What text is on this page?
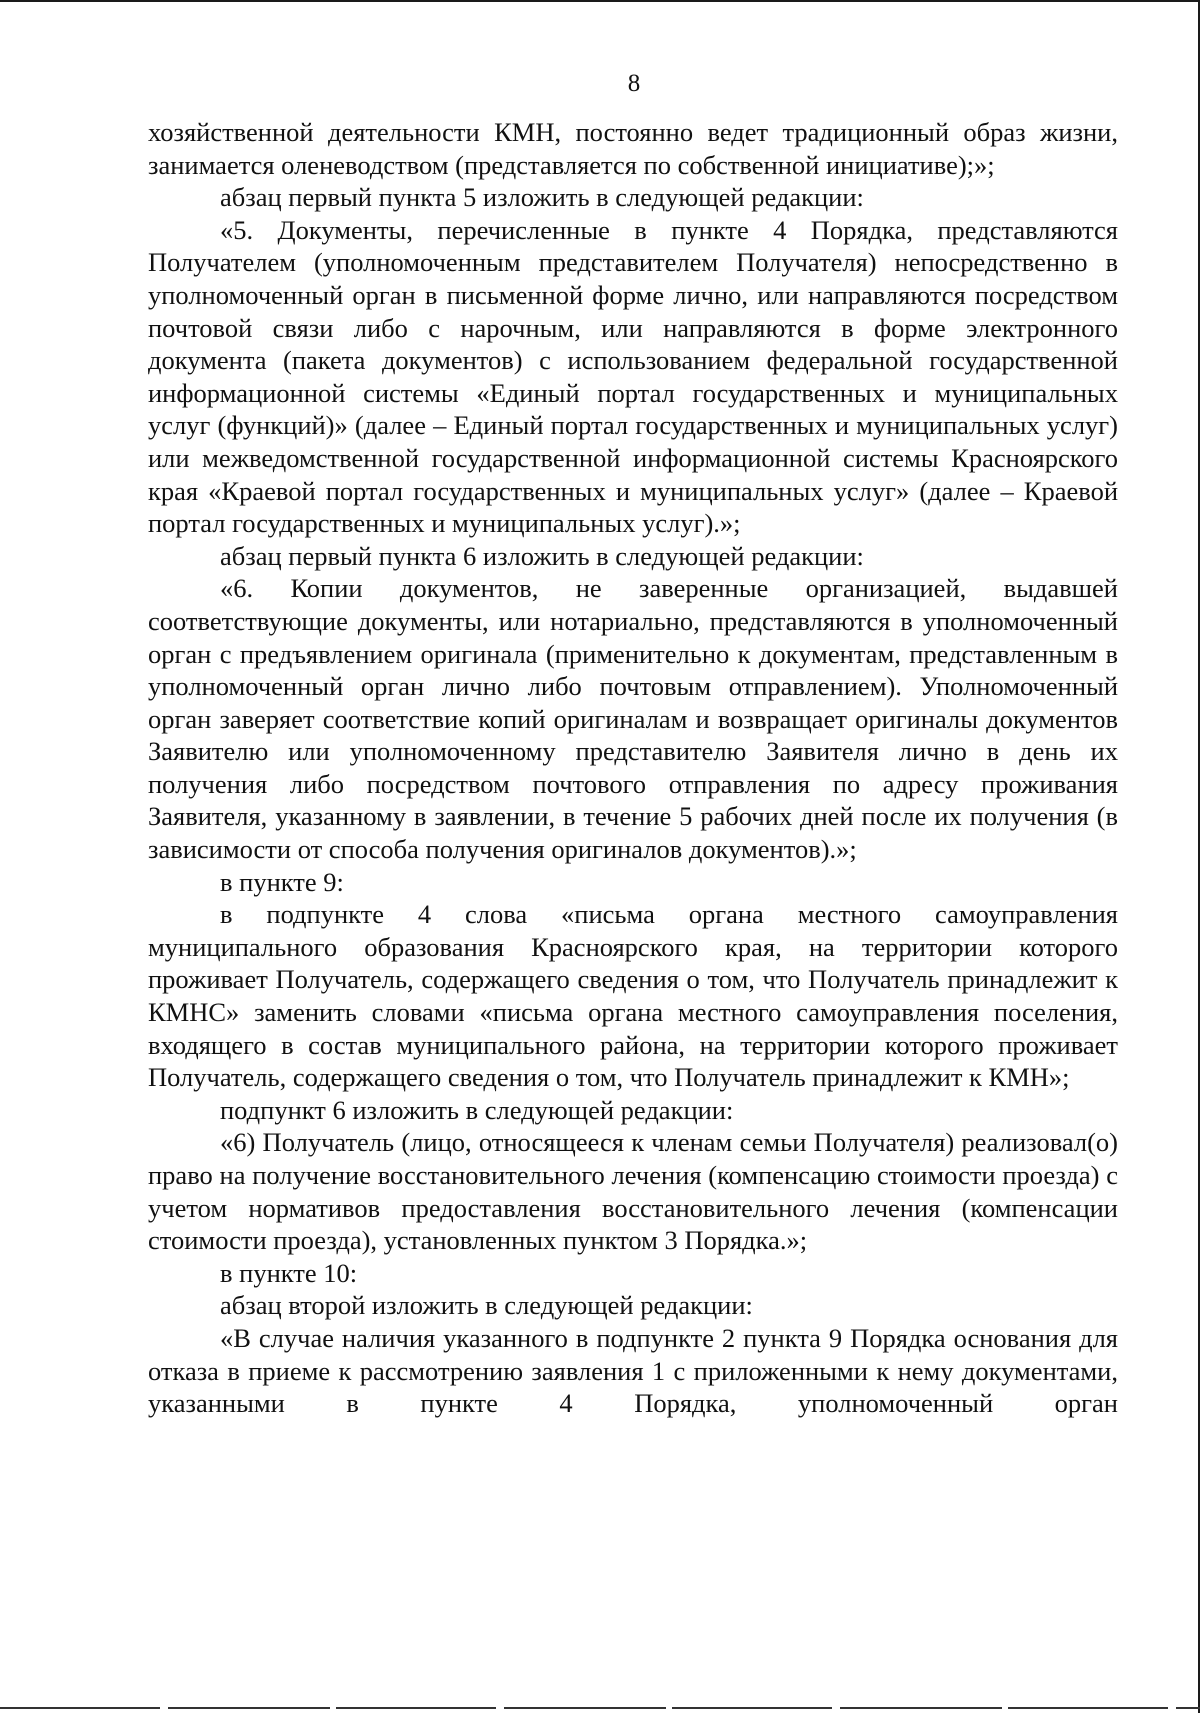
8

хозяйственной деятельности КМН, постоянно ведет традиционный образ жизни, занимается оленеводством (представляется по собственной инициативе);»;

абзац первый пункта 5 изложить в следующей редакции:

«5. Документы, перечисленные в пункте 4 Порядка, представляются Получателем (уполномоченным представителем Получателя) непосредственно в уполномоченный орган в письменной форме лично, или направляются посредством почтовой связи либо с нарочным, или направляются в форме электронного документа (пакета документов) с использованием федеральной государственной информационной системы «Единый портал государственных и муниципальных услуг (функций)» (далее – Единый портал государственных и муниципальных услуг) или межведомственной государственной информационной системы Красноярского края «Краевой портал государственных и муниципальных услуг» (далее – Краевой портал государственных и муниципальных услуг).»;

абзац первый пункта 6 изложить в следующей редакции:

«6. Копии документов, не заверенные организацией, выдавшей соответствующие документы, или нотариально, представляются в уполномоченный орган с предъявлением оригинала (применительно к документам, представленным в уполномоченный орган лично либо почтовым отправлением). Уполномоченный орган заверяет соответствие копий оригиналам и возвращает оригиналы документов Заявителю или уполномоченному представителю Заявителя лично в день их получения либо посредством почтового отправления по адресу проживания Заявителя, указанному в заявлении, в течение 5 рабочих дней после их получения (в зависимости от способа получения оригиналов документов).»;

в пункте 9:

в подпункте 4 слова «письма органа местного самоуправления муниципального образования Красноярского края, на территории которого проживает Получатель, содержащего сведения о том, что Получатель принадлежит к КМНС» заменить словами «письма органа местного самоуправления поселения, входящего в состав муниципального района, на территории которого проживает Получатель, содержащего сведения о том, что Получатель принадлежит к КМН»;

подпункт 6 изложить в следующей редакции:

«6) Получатель (лицо, относящееся к членам семьи Получателя) реализовал(о) право на получение восстановительного лечения (компенсацию стоимости проезда) с учетом нормативов предоставления восстановительного лечения (компенсации стоимости проезда), установленных пунктом 3 Порядка.»;

в пункте 10:

абзац второй изложить в следующей редакции:

«В случае наличия указанного в подпункте 2 пункта 9 Порядка основания для отказа в приеме к рассмотрению заявления 1 с приложенными к нему документами, указанными в пункте 4 Порядка, уполномоченный орган
